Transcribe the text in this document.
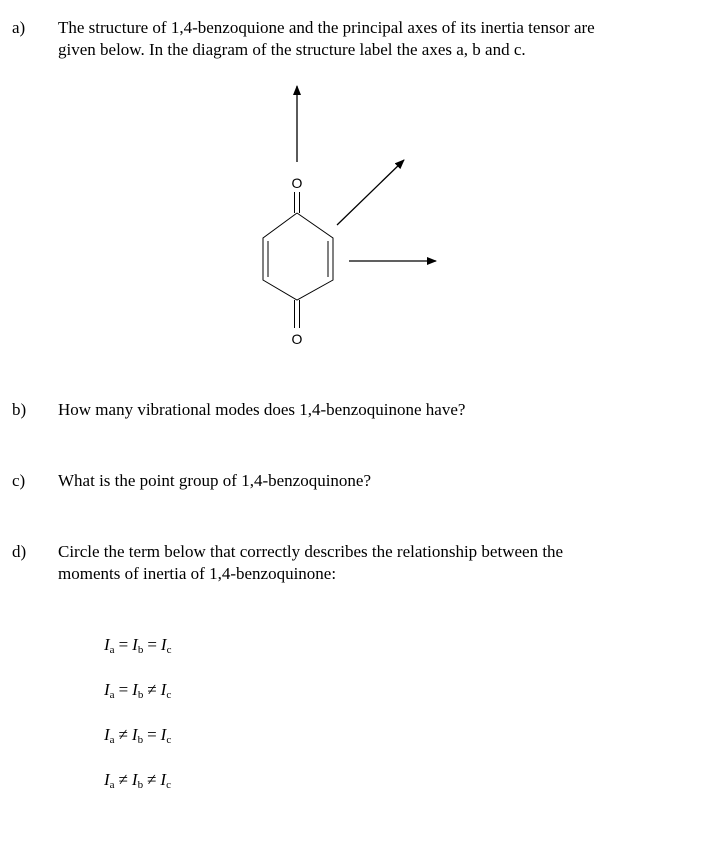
a) The structure of 1,4-benzoquione and the principal axes of its inertia tensor are
given below. In the diagram of the structure label the axes a, b and c.
O
O
b) How many vibrational modes does 1,4-benzoquinone have?
c) What is the point group of 1,4-benzoquinone?
d) Circle the term below that correctly describes the relationship between the
moments of inertia of 1,4-benzoquinone:
$I_a = I_b = I_c$
$I_a = I_b \ne I_c$
$I_a \ne I_b = I_c$
$I_a \ne I_b \ne I_c$
